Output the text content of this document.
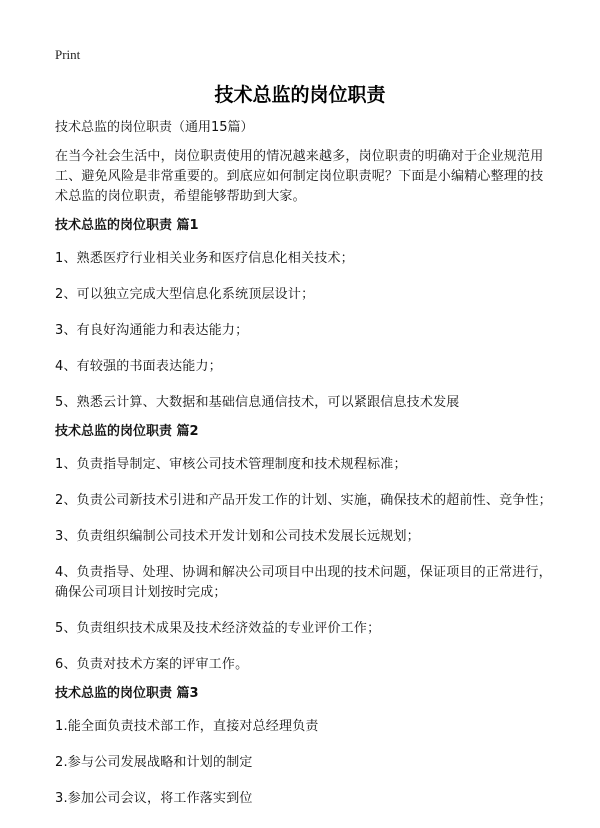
Print
技术总监的岗位职责

技术总监的岗位职责（通用15篇）

在当今社会生活中，岗位职责使用的情况越来越多，岗位职责的明确对于企业规范用工、避免风险是非常重要的。到底应如何制定岗位职责呢？下面是小编精心整理的技术总监的岗位职责，希望能够帮助到大家。

技术总监的岗位职责 篇1

1、熟悉医疗行业相关业务和医疗信息化相关技术；

2、可以独立完成大型信息化系统顶层设计；

3、有良好沟通能力和表达能力；

4、有较强的书面表达能力；

5、熟悉云计算、大数据和基础信息通信技术，可以紧跟信息技术发展

技术总监的岗位职责 篇2

1、负责指导制定、审核公司技术管理制度和技术规程标准；

2、负责公司新技术引进和产品开发工作的计划、实施，确保技术的超前性、竞争性；

3、负责组织编制公司技术开发计划和公司技术发展长远规划；

4、负责指导、处理、协调和解决公司项目中出现的技术问题，保证项目的正常进行，确保公司项目计划按时完成；

5、负责组织技术成果及技术经济效益的专业评价工作；

6、负责对技术方案的评审工作。

技术总监的岗位职责 篇3

1.能全面负责技术部工作，直接对总经理负责

2.参与公司发展战略和计划的制定

3.参加公司会议，将工作落实到位
